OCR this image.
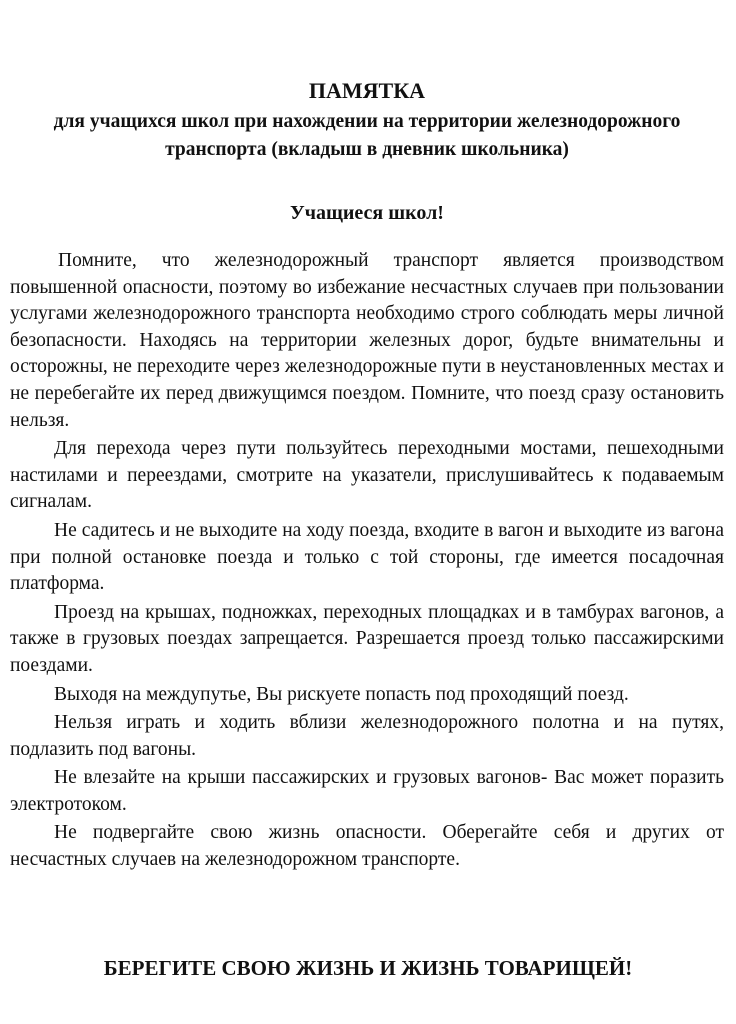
ПАМЯТКА
для учащихся школ при нахождении на территории железнодорожного транспорта (вкладыш в дневник школьника)
Учащиеся школ!

Помните, что железнодорожный транспорт является производством повышенной опасности, поэтому во избежание несчастных случаев при пользовании услугами железнодорожного транспорта необходимо строго соблюдать меры личной безопасности. Находясь на территории железных дорог, будьте внимательны и осторожны, не переходите через железнодорожные пути в неустановленных местах и не перебегайте их перед движущимся поездом. Помните, что поезд сразу остановить нельзя.

Для перехода через пути пользуйтесь переходными мостами, пешеходными настилами и переездами, смотрите на указатели, прислушивайтесь к подаваемым сигналам.

Не садитесь и не выходите на ходу поезда, входите в вагон и выходите из вагона при полной остановке поезда и только с той стороны, где имеется посадочная платформа.

Проезд на крышах, подножках, переходных площадках и в тамбурах вагонов, а также в грузовых поездах запрещается. Разрешается проезд только пассажирскими поездами.

Выходя на междупутье, Вы рискуете попасть под проходящий поезд.

Нельзя играть и ходить вблизи железнодорожного полотна и на путях, подлазить под вагоны.

Не влезайте на крыши пассажирских и грузовых вагонов- Вас может поразить электротоком.

Не подвергайте свою жизнь опасности. Оберегайте себя и других от несчастных случаев на железнодорожном транспорте.

БЕРЕГИТЕ СВОЮ ЖИЗНЬ И ЖИЗНЬ ТОВАРИЩЕЙ!
